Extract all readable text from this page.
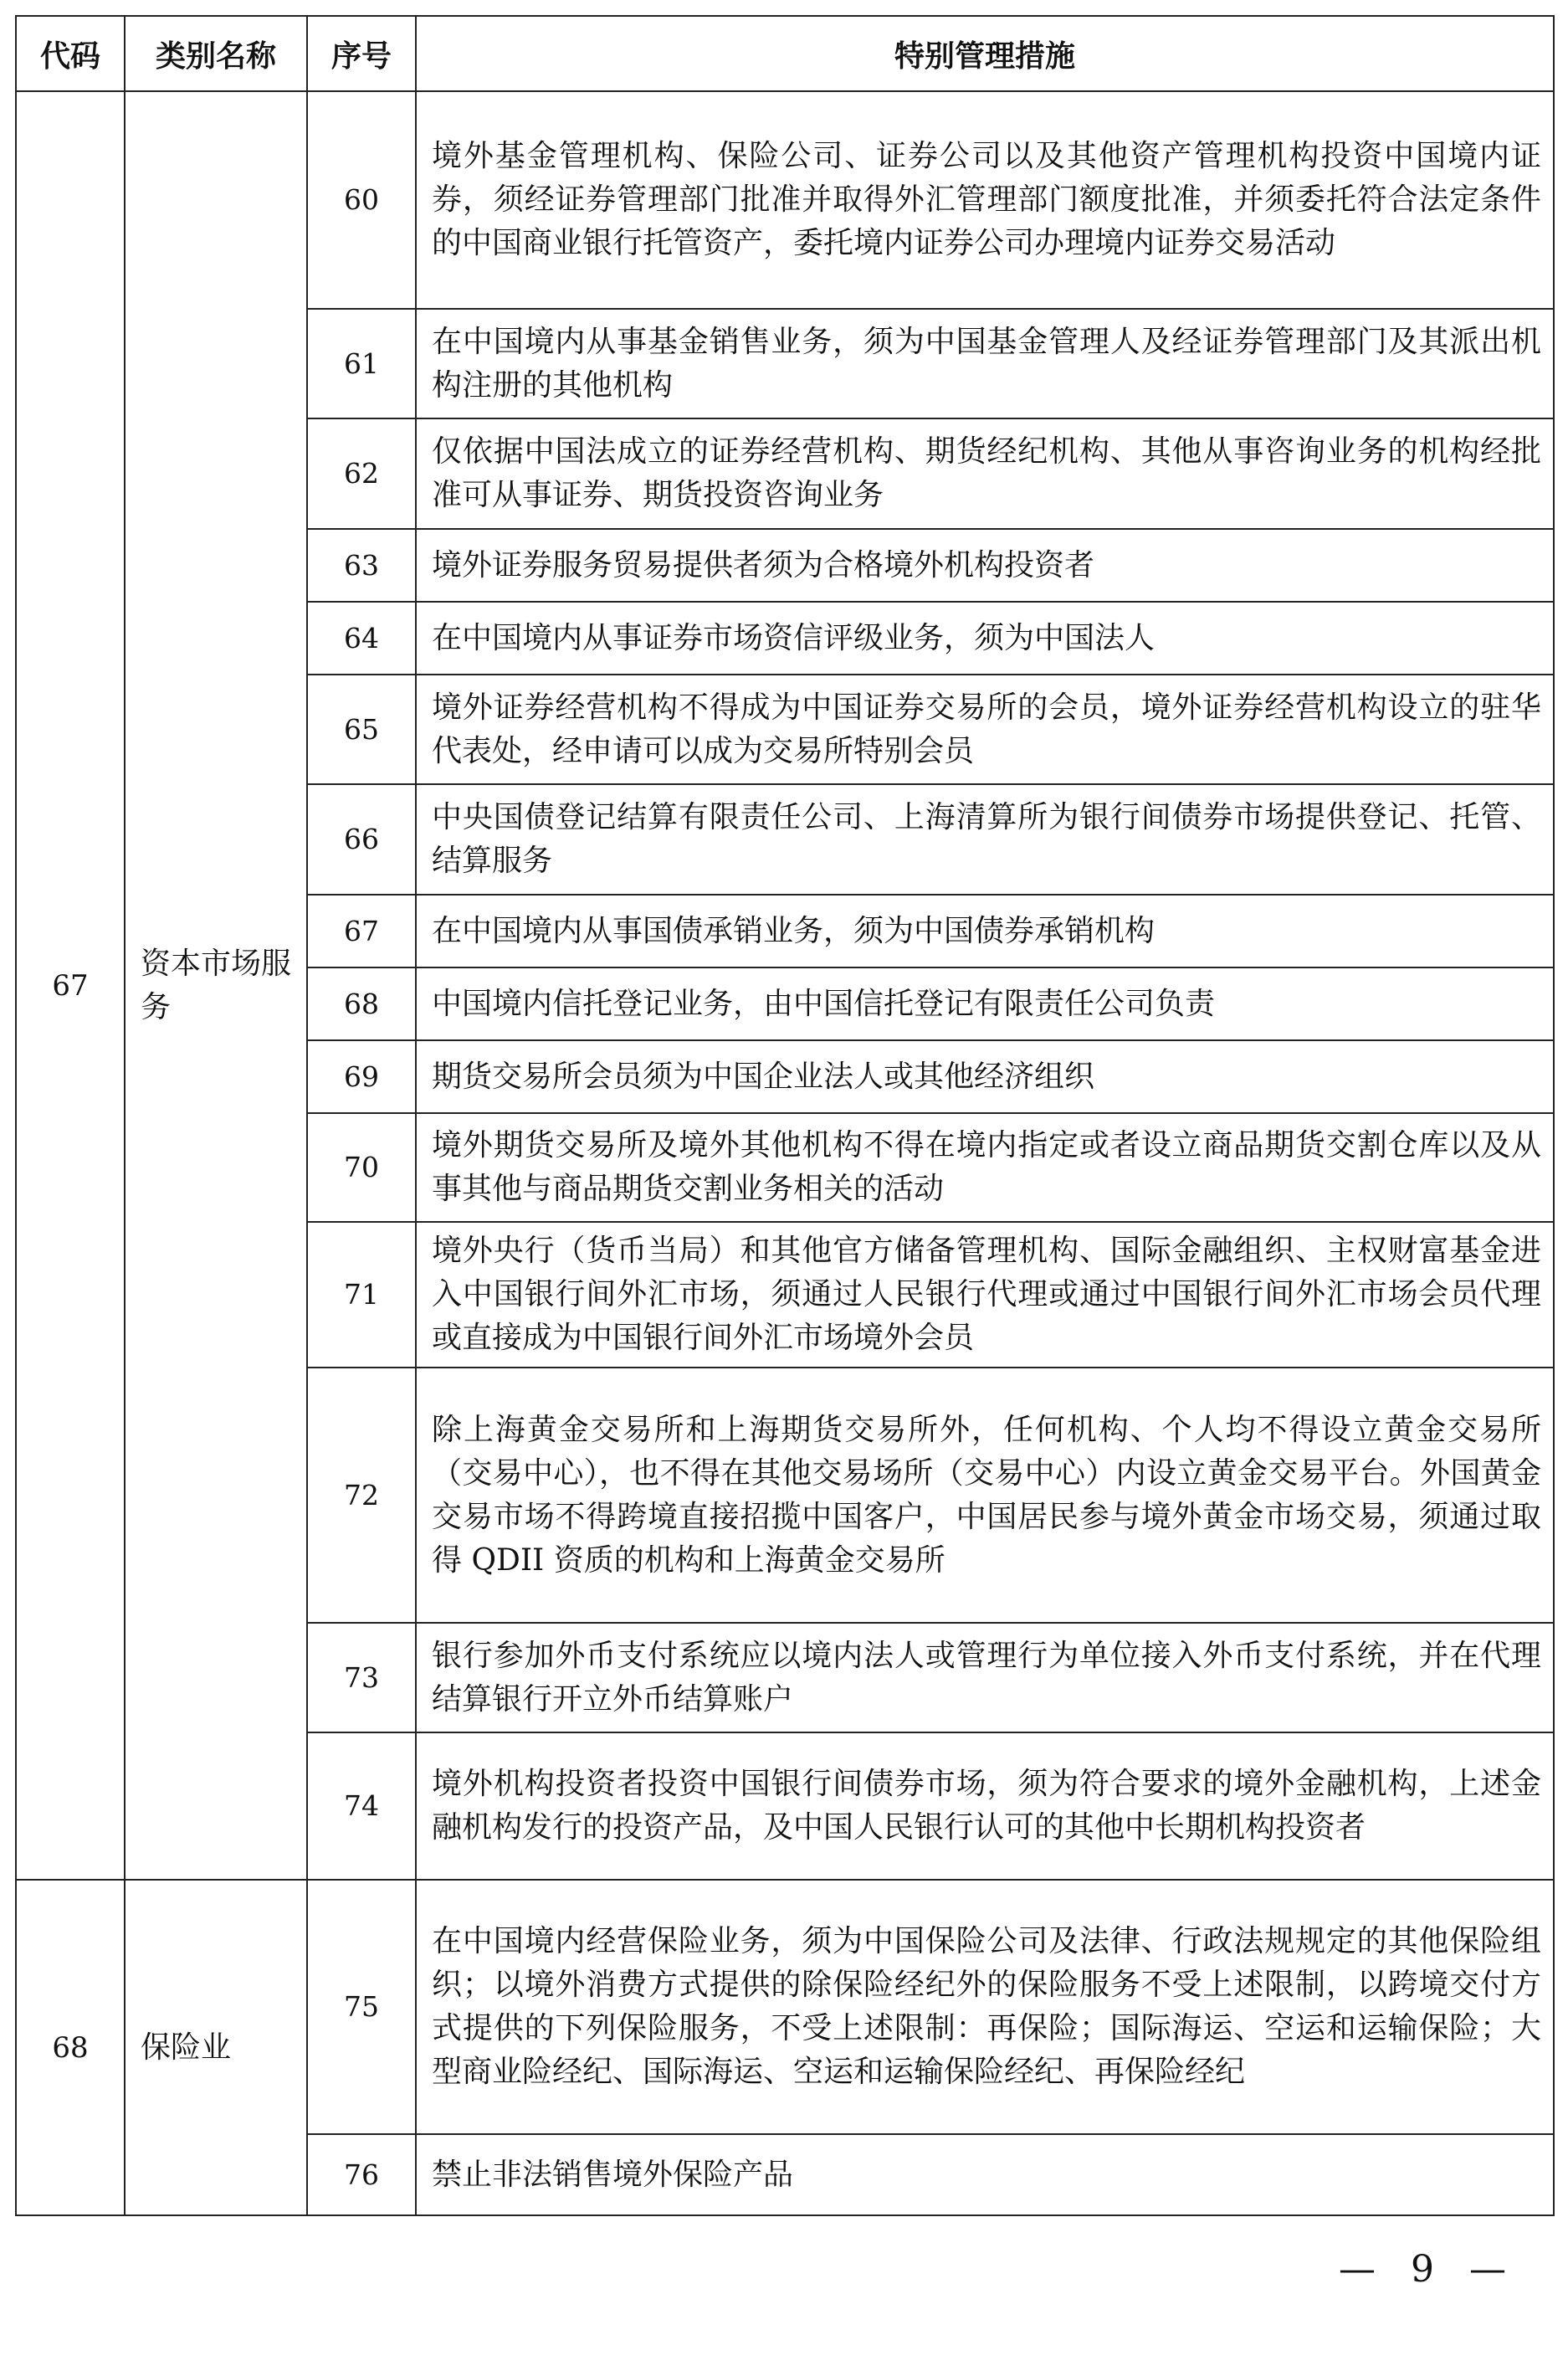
代码	类别名称	序号	特别管理措施
67	资本市场服务	60	境外基金管理机构、保险公司、证券公司以及其他资产管理机构投资中国境内证券，须经证券管理部门批准并取得外汇管理部门额度批准，并须委托符合法定条件的中国商业银行托管资产，委托境内证券公司办理境内证券交易活动
		61	在中国境内从事基金销售业务，须为中国基金管理人及经证券管理部门及其派出机构注册的其他机构
		62	仅依据中国法成立的证券经营机构、期货经纪机构、其他从事咨询业务的机构经批准可从事证券、期货投资咨询业务
		63	境外证券服务贸易提供者须为合格境外机构投资者
		64	在中国境内从事证券市场资信评级业务，须为中国法人
		65	境外证券经营机构不得成为中国证券交易所的会员，境外证券经营机构设立的驻华代表处，经申请可以成为交易所特别会员
		66	中央国债登记结算有限责任公司、上海清算所为银行间债券市场提供登记、托管、结算服务
		67	在中国境内从事国债承销业务，须为中国债券承销机构
		68	中国境内信托登记业务，由中国信托登记有限责任公司负责
		69	期货交易所会员须为中国企业法人或其他经济组织
		70	境外期货交易所及境外其他机构不得在境内指定或者设立商品期货交割仓库以及从事其他与商品期货交割业务相关的活动
		71	境外央行（货币当局）和其他官方储备管理机构、国际金融组织、主权财富基金进入中国银行间外汇市场，须通过人民银行代理或通过中国银行间外汇市场会员代理或直接成为中国银行间外汇市场境外会员
		72	除上海黄金交易所和上海期货交易所外，任何机构、个人均不得设立黄金交易所（交易中心），也不得在其他交易场所（交易中心）内设立黄金交易平台。外国黄金交易市场不得跨境直接招揽中国客户，中国居民参与境外黄金市场交易，须通过取得 QDII 资质的机构和上海黄金交易所
		73	银行参加外币支付系统应以境内法人或管理行为单位接入外币支付系统，并在代理结算银行开立外币结算账户
		74	境外机构投资者投资中国银行间债券市场，须为符合要求的境外金融机构，上述金融机构发行的投资产品，及中国人民银行认可的其他中长期机构投资者
68	保险业	75	在中国境内经营保险业务，须为中国保险公司及法律、行政法规规定的其他保险组织；以境外消费方式提供的除保险经纪外的保险服务不受上述限制，以跨境交付方式提供的下列保险服务，不受上述限制：再保险；国际海运、空运和运输保险；大型商业险经纪、国际海运、空运和运输保险经纪、再保险经纪
		76	禁止非法销售境外保险产品
— 9 —
